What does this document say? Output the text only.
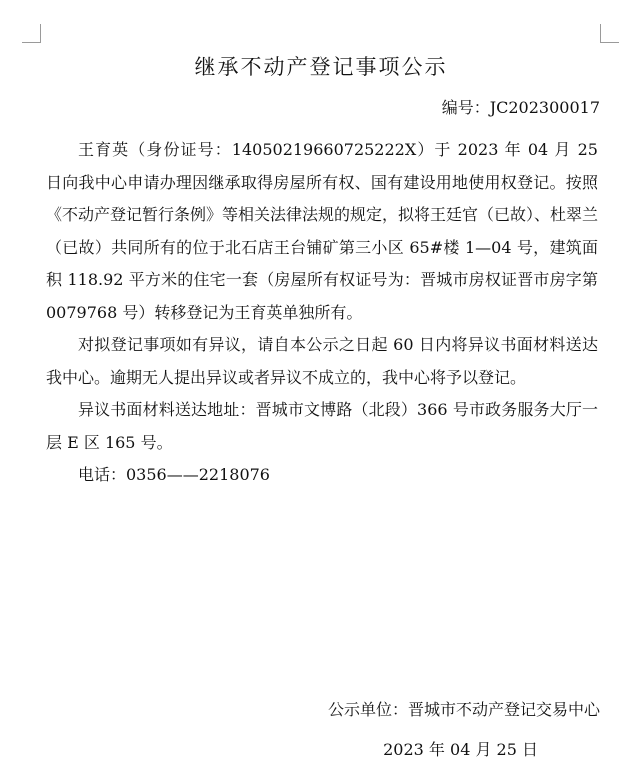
继承不动产登记事项公示
编号：JC202300017

王育英（身份证号：14050219660725222X）于 2023 年 04 月 25 日向我中心申请办理因继承取得房屋所有权、国有建设用地使用权登记。按照《不动产登记暂行条例》等相关法律法规的规定，拟将王廷官（已故）、杜翠兰（已故）共同所有的位于北石店王台铺矿第三小区 65#楼 1—04 号，建筑面积 118.92 平方米的住宅一套（房屋所有权证号为：晋城市房权证晋市房字第 0079768 号）转移登记为王育英单独所有。

对拟登记事项如有异议，请自本公示之日起 60 日内将异议书面材料送达我中心。逾期无人提出异议或者异议不成立的，我中心将予以登记。

异议书面材料送达地址：晋城市文博路（北段）366 号市政务服务大厅一层 E 区 165 号。

电话：0356——2218076

公示单位：晋城市不动产登记交易中心
2023 年 04 月 25 日
